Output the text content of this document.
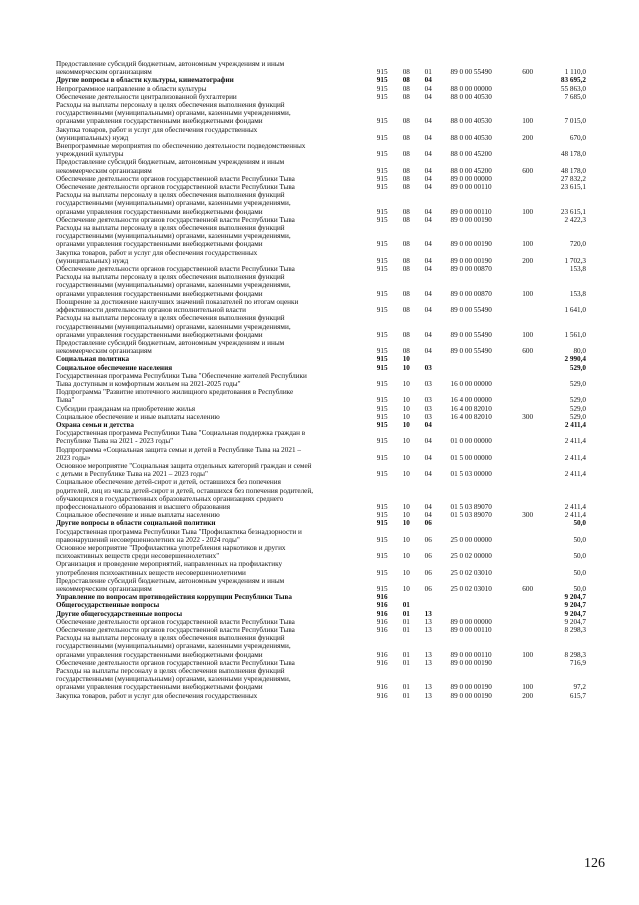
Предоставление субсидий бюджетным, автономным учреждениям и иным
некоммерческим организациям	915	08	01	89 0 00 55490	600	1 110,0
Другие вопросы в области культуры, кинематографии	915	08	04	83 695,2
Непрограммное направление в области культуры	915	08	04	88 0 00 00000	55 863,0
Обеспечение деятельности централизованной бухгалтерии	915	08	04	88 0 00 40530	7 685,0
Расходы на выплаты персоналу в целях обеспечения выполнения функций
государственными (муниципальными) органами, казенными учреждениями,
органами управления государственными внебюджетными фондами	915	08	04	88 0 00 40530	100	7 015,0
Закупка товаров, работ и услуг для обеспечения государственных
(муниципальных) нужд	915	08	04	88 0 00 40530	200	670,0
Внепрограммные мероприятия по обеспечению деятельности подведомственных
учреждений культуры	915	08	04	88 0 00 45200	48 178,0
Предоставление субсидий бюджетным, автономным учреждениям и иным
некоммерческим организациям	915	08	04	88 0 00 45200	600	48 178,0
Обеспечение деятельности органов государственной власти Республики Тыва	915	08	04	89 0 00 00000	27 832,2
Обеспечение деятельности органов государственной власти Республики Тыва	915	08	04	89 0 00 00110	23 615,1
Расходы на выплаты персоналу в целях обеспечения выполнения функций
государственными (муниципальными) органами, казенными учреждениями,
органами управления государственными внебюджетными фондами	915	08	04	89 0 00 00110	100	23 615,1
Обеспечение деятельности органов государственной власти Республики Тыва	915	08	04	89 0 00 00190	2 422,3
Расходы на выплаты персоналу в целях обеспечения выполнения функций
государственными (муниципальными) органами, казенными учреждениями,
органами управления государственными внебюджетными фондами	915	08	04	89 0 00 00190	100	720,0
Закупка товаров, работ и услуг для обеспечения государственных
(муниципальных) нужд	915	08	04	89 0 00 00190	200	1 702,3
Обеспечение деятельности органов государственной власти Республики Тыва	915	08	04	89 0 00 00870	153,8
Расходы на выплаты персоналу в целях обеспечения выполнения функций
государственными (муниципальными) органами, казенными учреждениями,
органами управления государственными внебюджетными фондами	915	08	04	89 0 00 00870	100	153,8
Поощрение за достижение наилучших значений показателей по итогам оценки
эффективности деятельности органов исполнительной власти	915	08	04	89 0 00 55490	1 641,0
Расходы на выплаты персоналу в целях обеспечения выполнения функций
государственными (муниципальными) органами, казенными учреждениями,
органами управления государственными внебюджетными фондами	915	08	04	89 0 00 55490	100	1 561,0
Предоставление субсидий бюджетным, автономным учреждениям и иным
некоммерческим организациям	915	08	04	89 0 00 55490	600	80,0
Социальная политика	915	10	2 990,4
Социальное обеспечение населения	915	10	03	529,0
Государственная программа Республики Тыва "Обеспечение жителей Республики
Тыва доступным и комфортным жильем на 2021-2025 годы"	915	10	03	16 0 00 00000	529,0
Подпрограмма "Развитие ипотечного жилищного кредитования в Республике
Тыва"	915	10	03	16 4 00 00000	529,0
Субсидии гражданам на приобретение жилья	915	10	03	16 4 00 82010	529,0
Социальное обеспечение и иные выплаты населению	915	10	03	16 4 00 82010	300	529,0
Охрана семьи и детства	915	10	04	2 411,4
Государственная программа Республики Тыва "Социальная поддержка граждан в
Республике Тыва на 2021 - 2023 годы"	915	10	04	01 0 00 00000	2 411,4
Подпрограмма «Социальная защита семьи и детей в Республике Тыва на 2021 –
2023 годы»	915	10	04	01 5 00 00000	2 411,4
Основное мероприятие "Социальная защита отдельных категорий граждан и семей
с детьми в Республике Тыва на 2021 – 2023 годы"	915	10	04	01 5 03 00000	2 411,4
Социальное обеспечение детей-сирот и детей, оставшихся без попечения
родителей, лиц из числа детей-сирот и детей, оставшихся без попечения родителей,
обучающихся в государственных образовательных организациях среднего
профессионального образования и высшего образования	915	10	04	01 5 03 89070	2 411,4
Социальное обеспечение и иные выплаты населению	915	10	04	01 5 03 89070	300	2 411,4
Другие вопросы в области социальной политики	915	10	06	50,0
Государственная программа Республики Тыва "Профилактика безнадзорности и
правонарушений несовершеннолетних на 2022 - 2024 годы"	915	10	06	25 0 00 00000	50,0
Основное мероприятие "Профилактика употребления наркотиков и других
психоактивных веществ среди несовершеннолетних"	915	10	06	25 0 02 00000	50,0
Организация и проведение мероприятий, направленных на профилактику
употребления психоактивных веществ несовершеннолетними	915	10	06	25 0 02 03010	50,0
Предоставление субсидий бюджетным, автономным учреждениям и иным
некоммерческим организациям	915	10	06	25 0 02 03010	600	50,0
Управление по вопросам противодействия коррупции Республики Тыва	916	9 204,7
Общегосударственные вопросы	916	01	9 204,7
Другие общегосударственные вопросы	916	01	13	9 204,7
Обеспечение деятельности органов государственной власти Республики Тыва	916	01	13	89 0 00 00000	9 204,7
Обеспечение деятельности органов государственной власти Республики Тыва	916	01	13	89 0 00 00110	8 298,3
Расходы на выплаты персоналу в целях обеспечения выполнения функций
государственными (муниципальными) органами, казенными учреждениями,
органами управления государственными внебюджетными фондами	916	01	13	89 0 00 00110	100	8 298,3
Обеспечение деятельности органов государственной власти Республики Тыва	916	01	13	89 0 00 00190	716,9
Расходы на выплаты персоналу в целях обеспечения выполнения функций
государственными (муниципальными) органами, казенными учреждениями,
органами управления государственными внебюджетными фондами	916	01	13	89 0 00 00190	100	97,2
Закупка товаров, работ и услуг для обеспечения государственных	916	01	13	89 0 00 00190	200	615,7
126
